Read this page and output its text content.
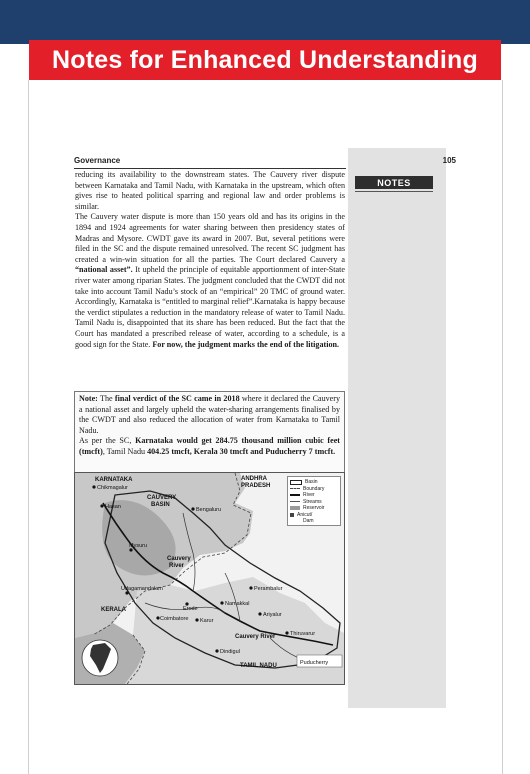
Notes for Enhanced Understanding
Governance	105
NOTES

reducing its availability to the downstream states. The Cauvery river dispute between Karnataka and Tamil Nadu, with Karnataka in the upstream, which often gives rise to heated political sparring and regional law and order problems is similar.

The Cauvery water dispute is more than 150 years old and has its origins in the 1894 and 1924 agreements for water sharing between then presidency states of Madras and Mysore. CWDT gave its award in 2007. But, several petitions were filed in the SC and the dispute remained unresolved. The recent SC judgment has created a win-win situation for all the parties. The Court declared Cauvery a “national asset”. It upheld the principle of equitable apportionment of inter-State river water among riparian States. The judgment concluded that the CWDT did not take into account Tamil Nadu’s stock of an “empirical” 20 TMC of ground water. Accordingly, Karnataka is “entitled to marginal relief”.Karnataka is happy because the verdict stipulates a reduction in the mandatory release of water to Tamil Nadu. Tamil Nadu is, disappointed that its share has been reduced. But the fact that the Court has mandated a prescribed release of water, according to a schedule, is a good sign for the State. For now, the judgment marks the end of the litigation.

Note: The final verdict of the SC came in 2018 where it declared the Cauvery a national asset and largely upheld the water-sharing arrangements finalised by the CWDT and also reduced the allocation of water from Karnataka to Tamil Nadu.

As per the SC, Karnataka would get 284.75 thousand million cubic feet (tmcft), Tamil Nadu 404.25 tmcft, Kerala 30 tmcft and Puducherry 7 tmcft.

KARNATAKA	ANDHRA
PRADESH
Chikmagalur
Hasan
CAUVERY
BASIN
Bengaluru
Mysuru
Cauvery
River
Udagamandalam
KERALA	Erode
Namakkal
Perambalur
Ariyalur
Coimbatore Karur
Cauvery River	Thiruvarur
Dindigul
TAMIL NADU	Puducherry
Basin
Boundary
River
Streams
Reservoir
Anicut/
Dam
